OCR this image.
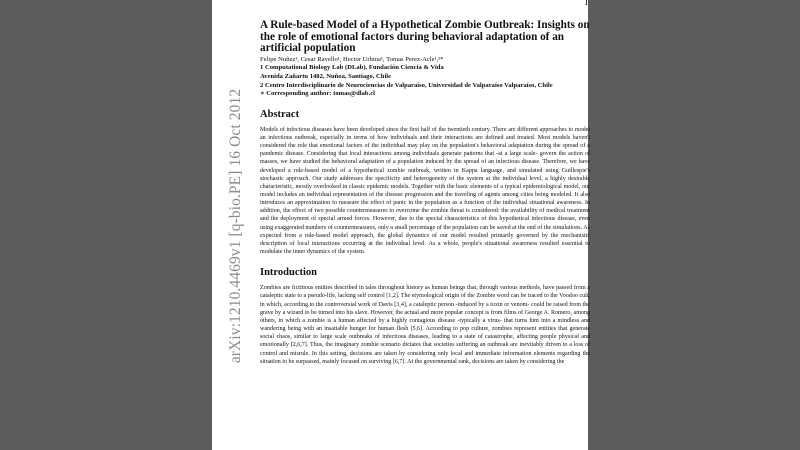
1
arXiv:1210.4469v1 [q-bio.PE] 16 Oct 2012
A Rule-based Model of a Hypothetical Zombie Outbreak: Insights on the role of emotional factors during behavioral adaptation of an artificial population
Felipe Nuñez¹, Cesar Ravello¹, Hector Urbina¹, Tomas Perez-Acle¹,²*
1 Computational Biology Lab (DLab), Fundación Ciencia & Vida
Avenida Zañartu 1482, Nuñoa, Santiago, Chile
2 Centro Interdisciplinario de Neurociencias de Valparaíso, Universidad de Valparaíso Valparaíso, Chile
∗ Corresponding author: tomas@dlab.cl
Abstract
Models of infectious diseases have been developed since the first half of the twentieth century. There are different approaches to model an infectious outbreak, especially in terms of how individuals and their interactions are defined and treated. Most models haven't considered the role that emotional factors of the individual may play on the population's behavioral adaptation during the spread of a pandemic disease. Considering that local interactions among individuals generate patterns that -at a large scale- govern the action of masses, we have studied the behavioral adaptation of a population induced by the spread of an infectious disease. Therefore, we have developed a rule-based model of a hypothetical zombie outbreak, written in Kappa language, and simulated using Guillespie's stochastic approach. Our study addresses the specificity and heterogeneity of the system at the individual level, a highly desirable characteristic, mostly overlooked in classic epidemic models. Together with the basic elements of a typical epidemiological model, our model includes an individual representation of the disease progression and the traveling of agents among cities being modeled. It also introduces an approximation to measure the effect of panic in the population as a function of the individual situational awareness. In addition, the effect of two possible countermeasures to overcome the zombie threat is considered: the availability of medical treatment and the deployment of special armed forces. However, due to the special characteristics of this hypothetical infectious disease, even using exaggerated numbers of countermeasures, only a small percentage of the population can be saved at the end of the simulations. As expected from a rule-based model approach, the global dynamics of our model resulted primarily governed by the mechanistic description of local interactions occurring at the individual level. As a whole, people's situational awareness resulted essential to modulate the inner dynamics of the system.
Introduction
Zombies are fictitious entities described in tales throughout history as human beings that, through various methods, have passed from a cataleptic state to a pseudo-life, lacking self control [1,2]. The etymological origin of the Zombie word can be traced to the Voodoo cult, in which, according to the controversial work of Davis [3,4], a cataleptic person -induced by a toxin or venom- could be raised from the grave by a wizard to be turned into his slave. However, the actual and more popular concept is from films of George A. Romero, among others, in which a zombie is a human affected by a highly contagious disease -typically a virus- that turns him into a mindless and wandering being with an insatiable hunger for human flesh [5,6]. According to pop culture, zombies represent entities that generate social chaos, similar to large scale outbreaks of infectious diseases, leading to a state of catastrophe, affecting people physical and emotionally [2,6,7]. Thus, the imaginary zombie scenario dictates that societies suffering an outbreak are inevitably driven to a loss of control and misrule. In this setting, decisions are taken by considering only local and immediate information elements regarding the situation to be surpassed, mainly focused on surviving [6,7]. At the governmental rank, decisions are taken by considering the
